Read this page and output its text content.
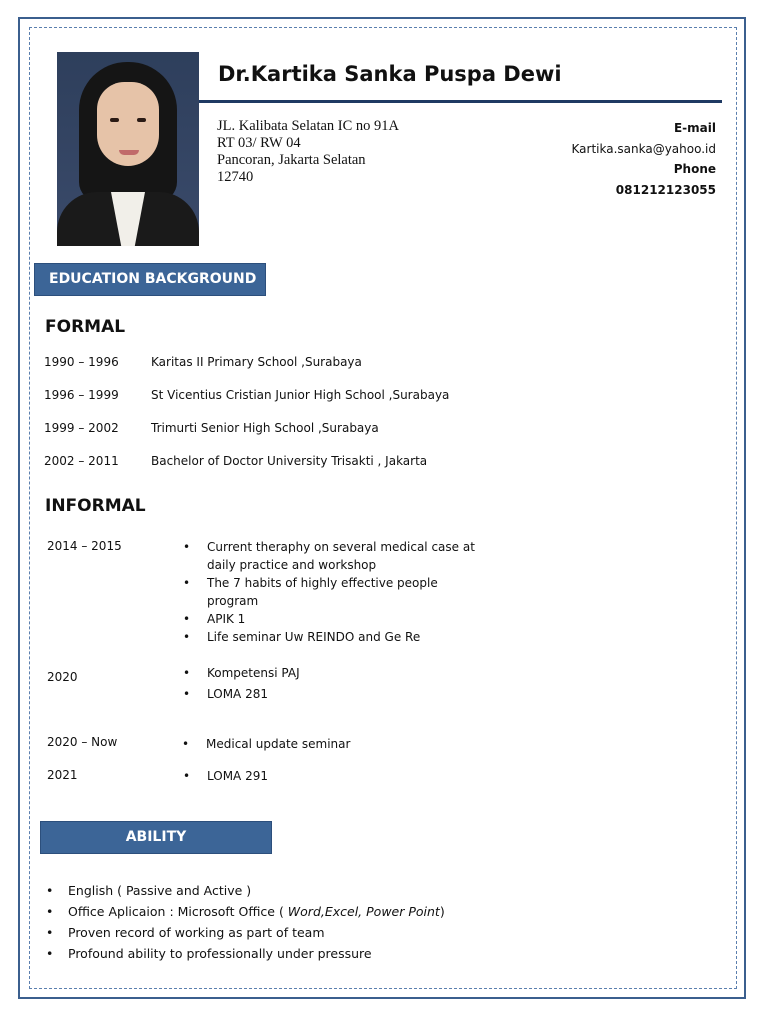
Dr.Kartika Sanka Puspa Dewi
JL. Kalibata Selatan IC no 91A
RT 03/ RW 04
Pancoran, Jakarta Selatan
12740
E-mail
Kartika.sanka@yahoo.id
Phone
081212123055
EDUCATION BACKGROUND
FORMAL
1990 – 1996	Karitas II Primary School ,Surabaya
1996 – 1999	St Vicentius Cristian Junior High School ,Surabaya
1999 – 2002	Trimurti Senior High School ,Surabaya
2002 – 2011	Bachelor of Doctor University Trisakti , Jakarta
INFORMAL
2014 – 2015	• Current theraphy on several medical case at daily practice and workshop
• The 7 habits of highly effective people program
• APIK 1
• Life seminar Uw REINDO and Ge Re
2020	• Kompetensi PAJ
• LOMA 281
2020 – Now	• Medical update seminar
2021	• LOMA 291
ABILITY
• English ( Passive and Active )
• Office Aplicaion : Microsoft Office ( Word,Excel, Power Point)
• Proven record of working as part of team
• Profound ability to professionally under pressure
